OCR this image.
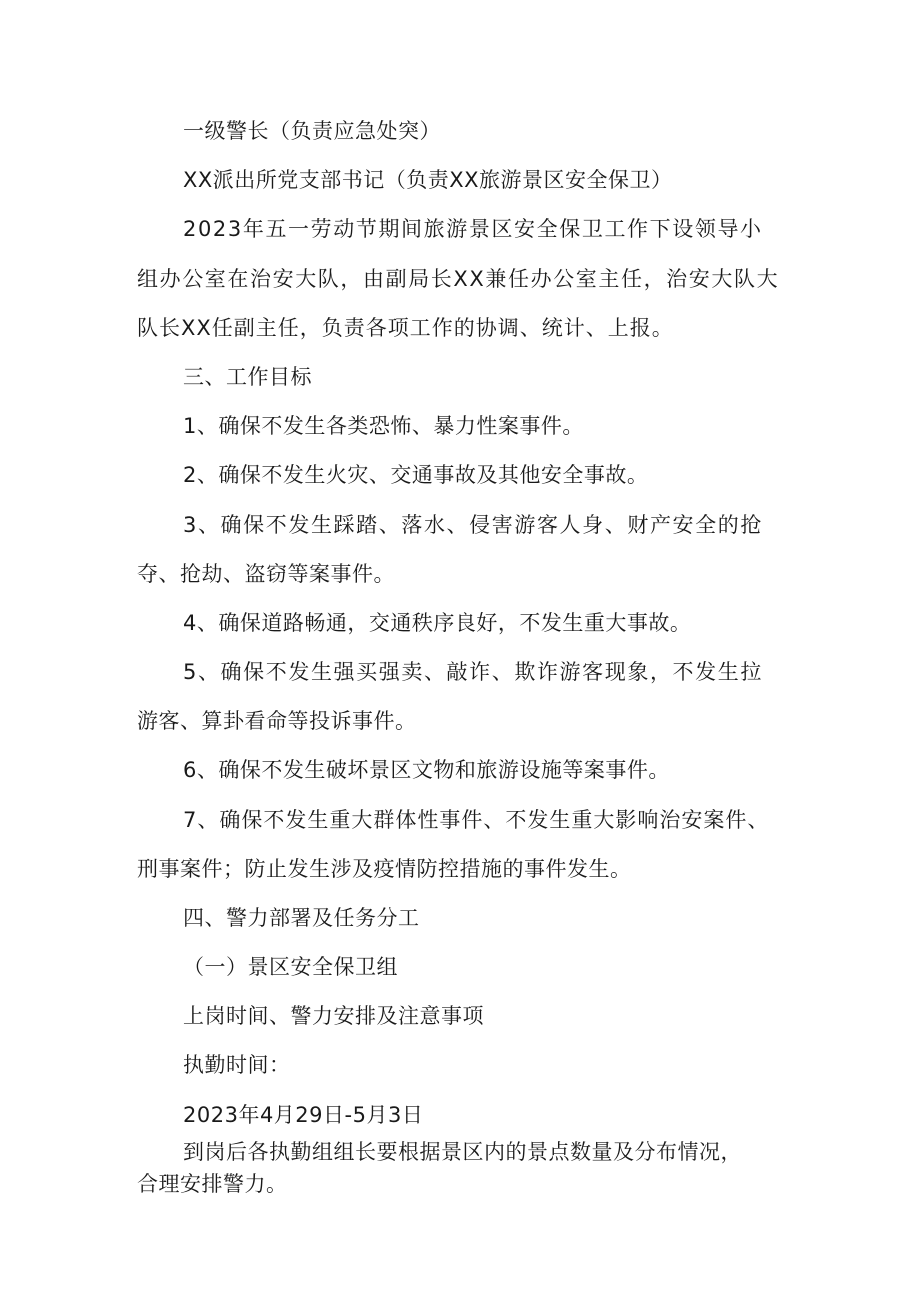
一级警长（负责应急处突）

XX派出所党支部书记（负责XX旅游景区安全保卫）

2023年五一劳动节期间旅游景区安全保卫工作下设领导小

组办公室在治安大队，由副局长XX兼任办公室主任，治安大队大

队长XX任副主任，负责各项工作的协调、统计、上报。

三、工作目标

1、确保不发生各类恐怖、暴力性案事件。

2、确保不发生火灾、交通事故及其他安全事故。

3、确保不发生踩踏、落水、侵害游客人身、财产安全的抢

夺、抢劫、盗窃等案事件。

4、确保道路畅通，交通秩序良好，不发生重大事故。

5、确保不发生强买强卖、敲诈、欺诈游客现象，不发生拉

游客、算卦看命等投诉事件。

6、确保不发生破坏景区文物和旅游设施等案事件。

7、确保不发生重大群体性事件、不发生重大影响治安案件、

刑事案件；防止发生涉及疫情防控措施的事件发生。

四、警力部署及任务分工

（一）景区安全保卫组

上岗时间、警力安排及注意事项

执勤时间：

2023年4月29日-5月3日

到岗后各执勤组组长要根据景区内的景点数量及分布情况，

合理安排警力。
